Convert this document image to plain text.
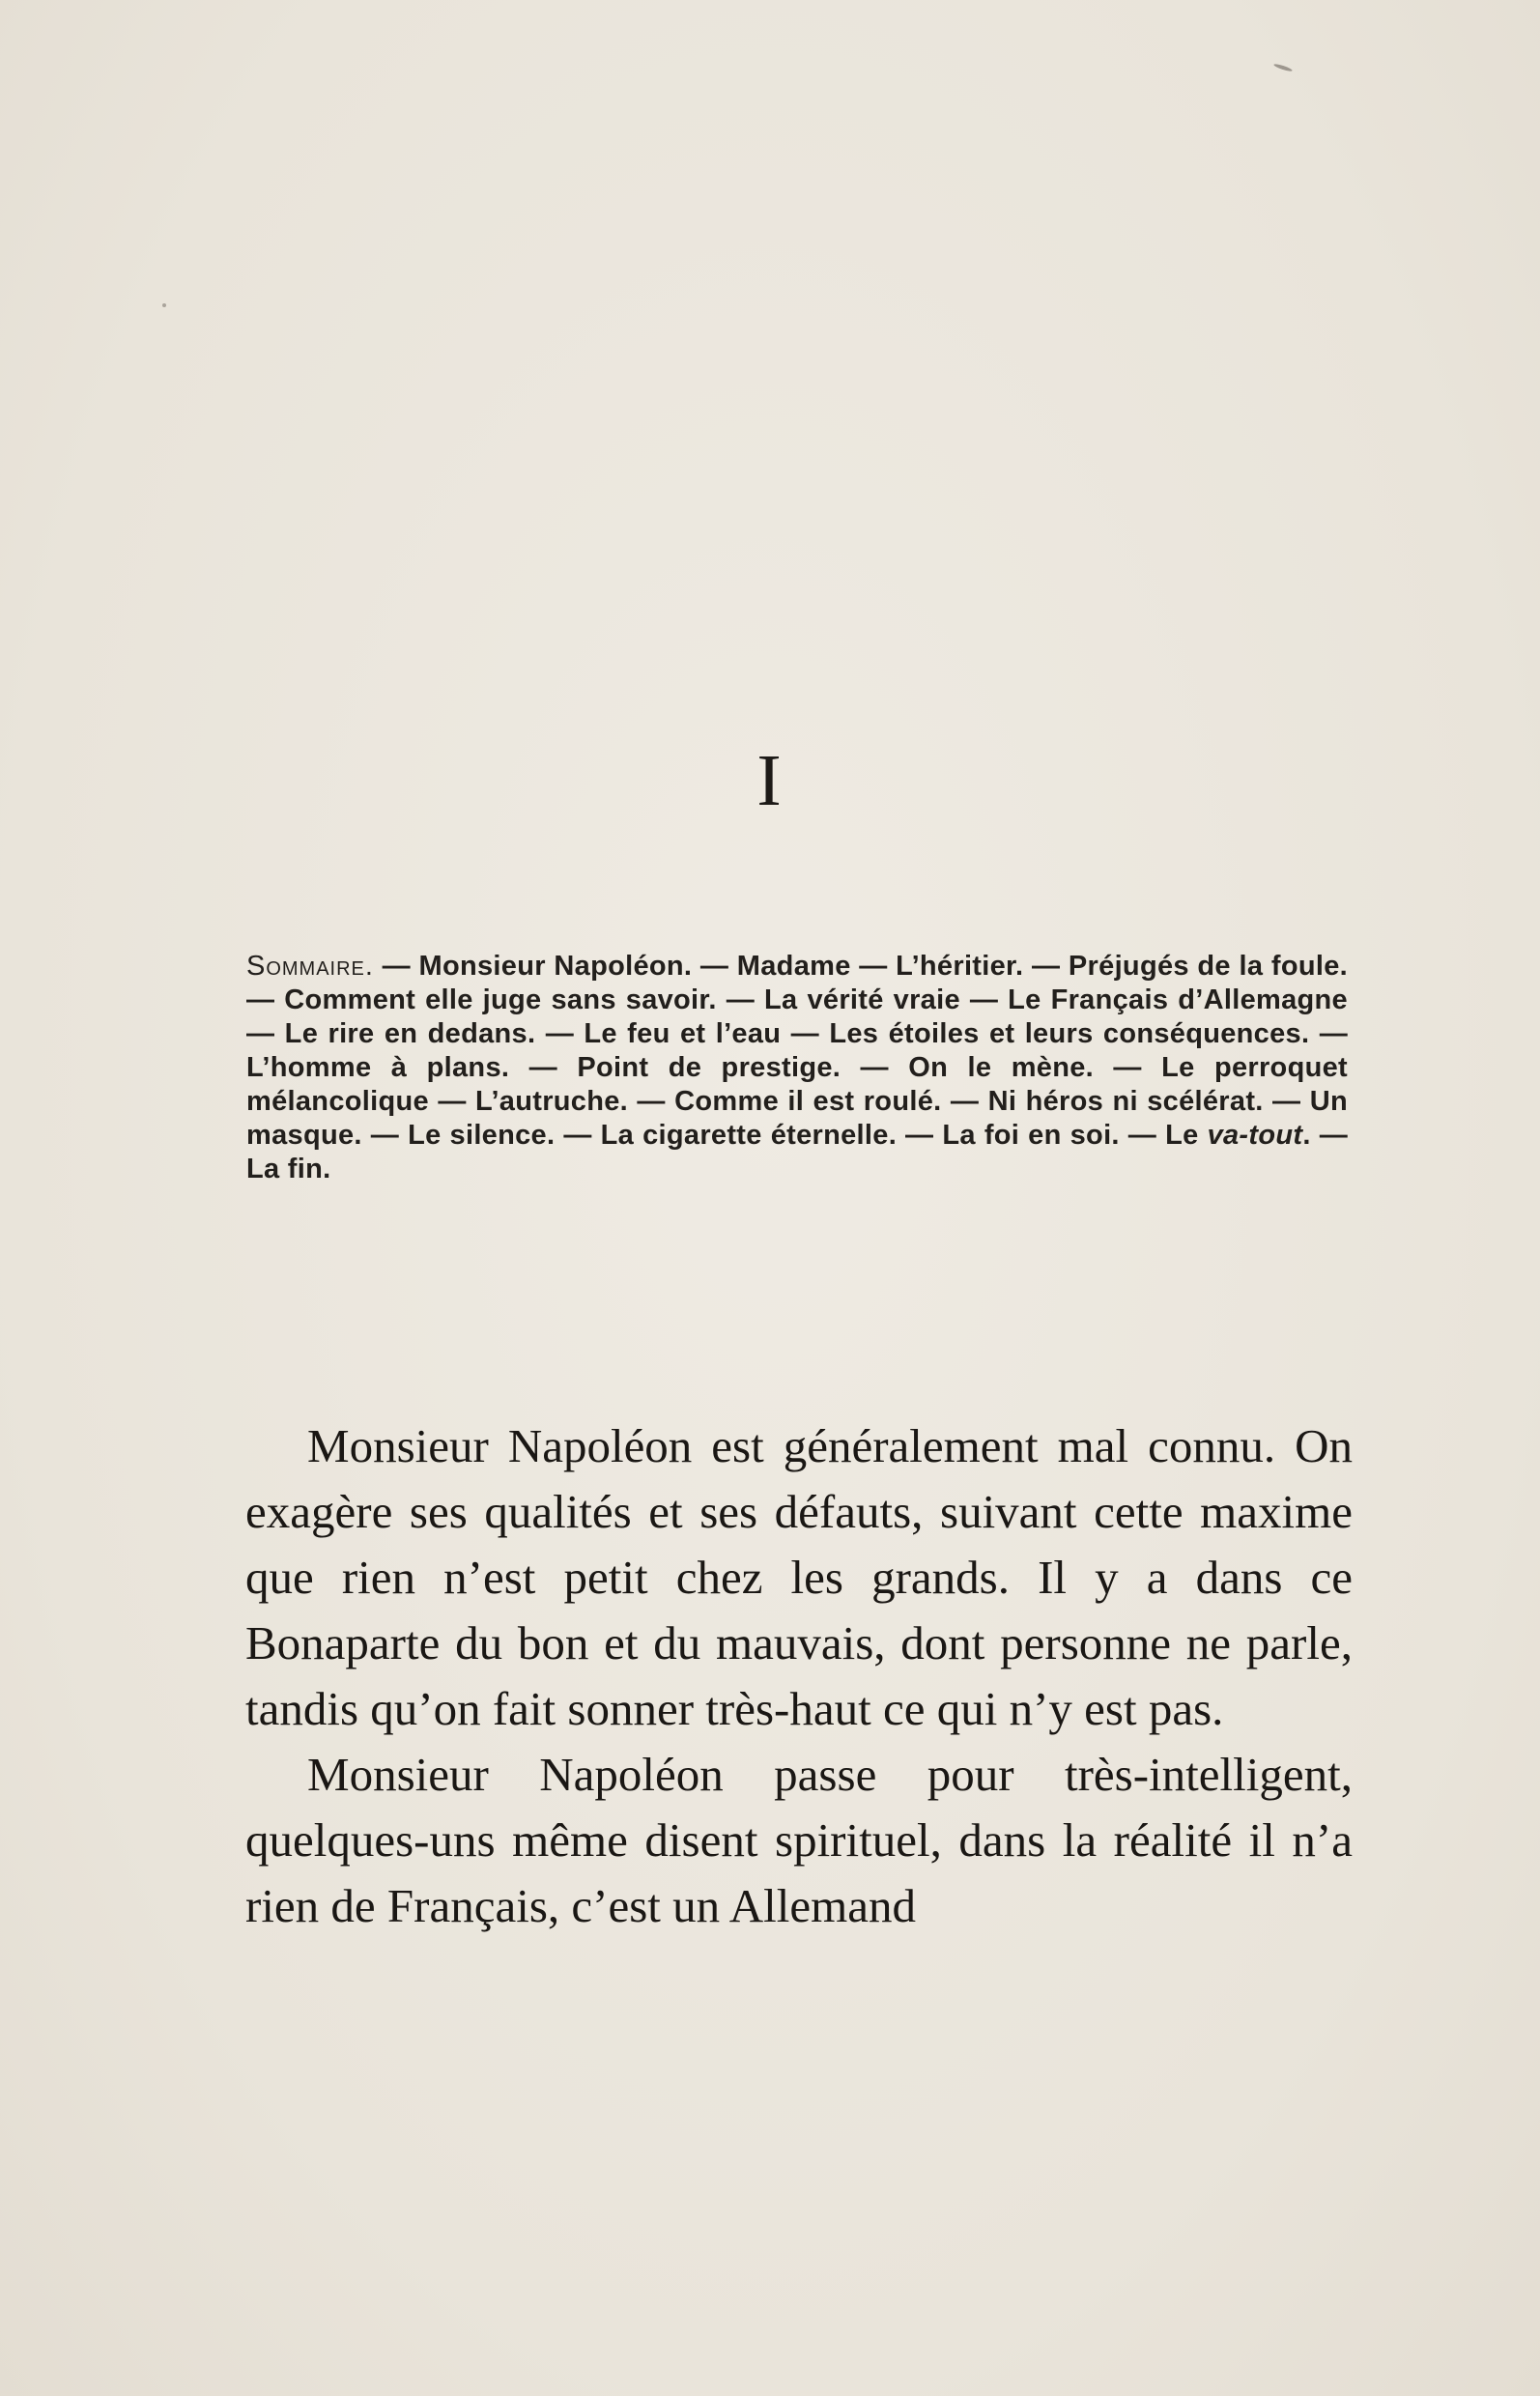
I
Sommaire. — Monsieur Napoléon. — Madame — L’héritier. — Préjugés de la foule. — Comment elle juge sans savoir. — La vérité vraie — Le Français d’Allemagne — Le rire en dedans. — Le feu et l’eau — Les étoiles et leurs conséquences. — L’homme à plans. — Point de prestige. — On le mène. — Le perroquet mélancolique — L’autruche. — Comme il est roulé. — Ni héros ni scélérat. — Un masque. — Le silence. — La cigarette éternelle. — La foi en soi. — Le va-tout. — La fin.

Monsieur Napoléon est généralement mal connu. On exagère ses qualités et ses défauts, suivant cette maxime que rien n’est petit chez les grands. Il y a dans ce Bonaparte du bon et du mauvais, dont personne ne parle, tandis qu’on fait sonner très-haut ce qui n’y est pas.

Monsieur Napoléon passe pour très-intelligent, quelques-uns même disent spirituel, dans la réalité il n’a rien de Français, c’est un Allemand
